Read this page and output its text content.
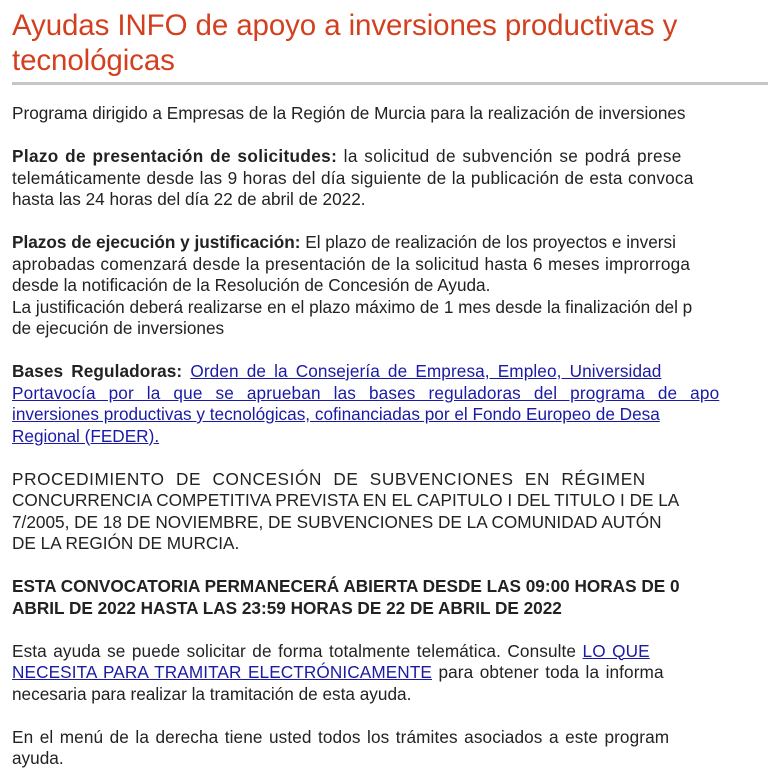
Ayudas INFO de apoyo a inversiones productivas y
tecnológicas

Programa dirigido a Empresas de la Región de Murcia para la realización de inversiones

Plazo de presentación de solicitudes: la solicitud de subvención se podrá prese
telemáticamente desde las 9 horas del día siguiente de la publicación de esta convoca
hasta las 24 horas del día 22 de abril de 2022.

Plazos de ejecución y justificación: El plazo de realización de los proyectos e inversi
aprobadas comenzará desde la presentación de la solicitud hasta 6 meses improrroga
desde la notificación de la Resolución de Concesión de Ayuda.
La justificación deberá realizarse en el plazo máximo de 1 mes desde la finalización del p
de ejecución de inversiones

Bases Reguladoras: Orden de la Consejería de Empresa, Empleo, Universidad
Portavocía por la que se aprueban las bases reguladoras del programa de apo
inversiones productivas y tecnológicas, cofinanciadas por el Fondo Europeo de Desa
Regional (FEDER).

PROCEDIMIENTO DE CONCESIÓN DE SUBVENCIONES EN RÉGIMEN
CONCURRENCIA COMPETITIVA PREVISTA EN EL CAPITULO I DEL TITULO I DE LA
7/2005, DE 18 DE NOVIEMBRE, DE SUBVENCIONES DE LA COMUNIDAD AUTÓN
DE LA REGIÓN DE MURCIA.

ESTA CONVOCATORIA PERMANECERÁ ABIERTA DESDE LAS 09:00 HORAS DE 0
ABRIL DE 2022 HASTA LAS 23:59 HORAS DE 22 DE ABRIL DE 2022

Esta ayuda se puede solicitar de forma totalmente telemática. Consulte LO QUE
NECESITA PARA TRAMITAR ELECTRÓNICAMENTE para obtener toda la informa
necesaria para realizar la tramitación de esta ayuda.

En el menú de la derecha tiene usted todos los trámites asociados a este program
ayuda.
